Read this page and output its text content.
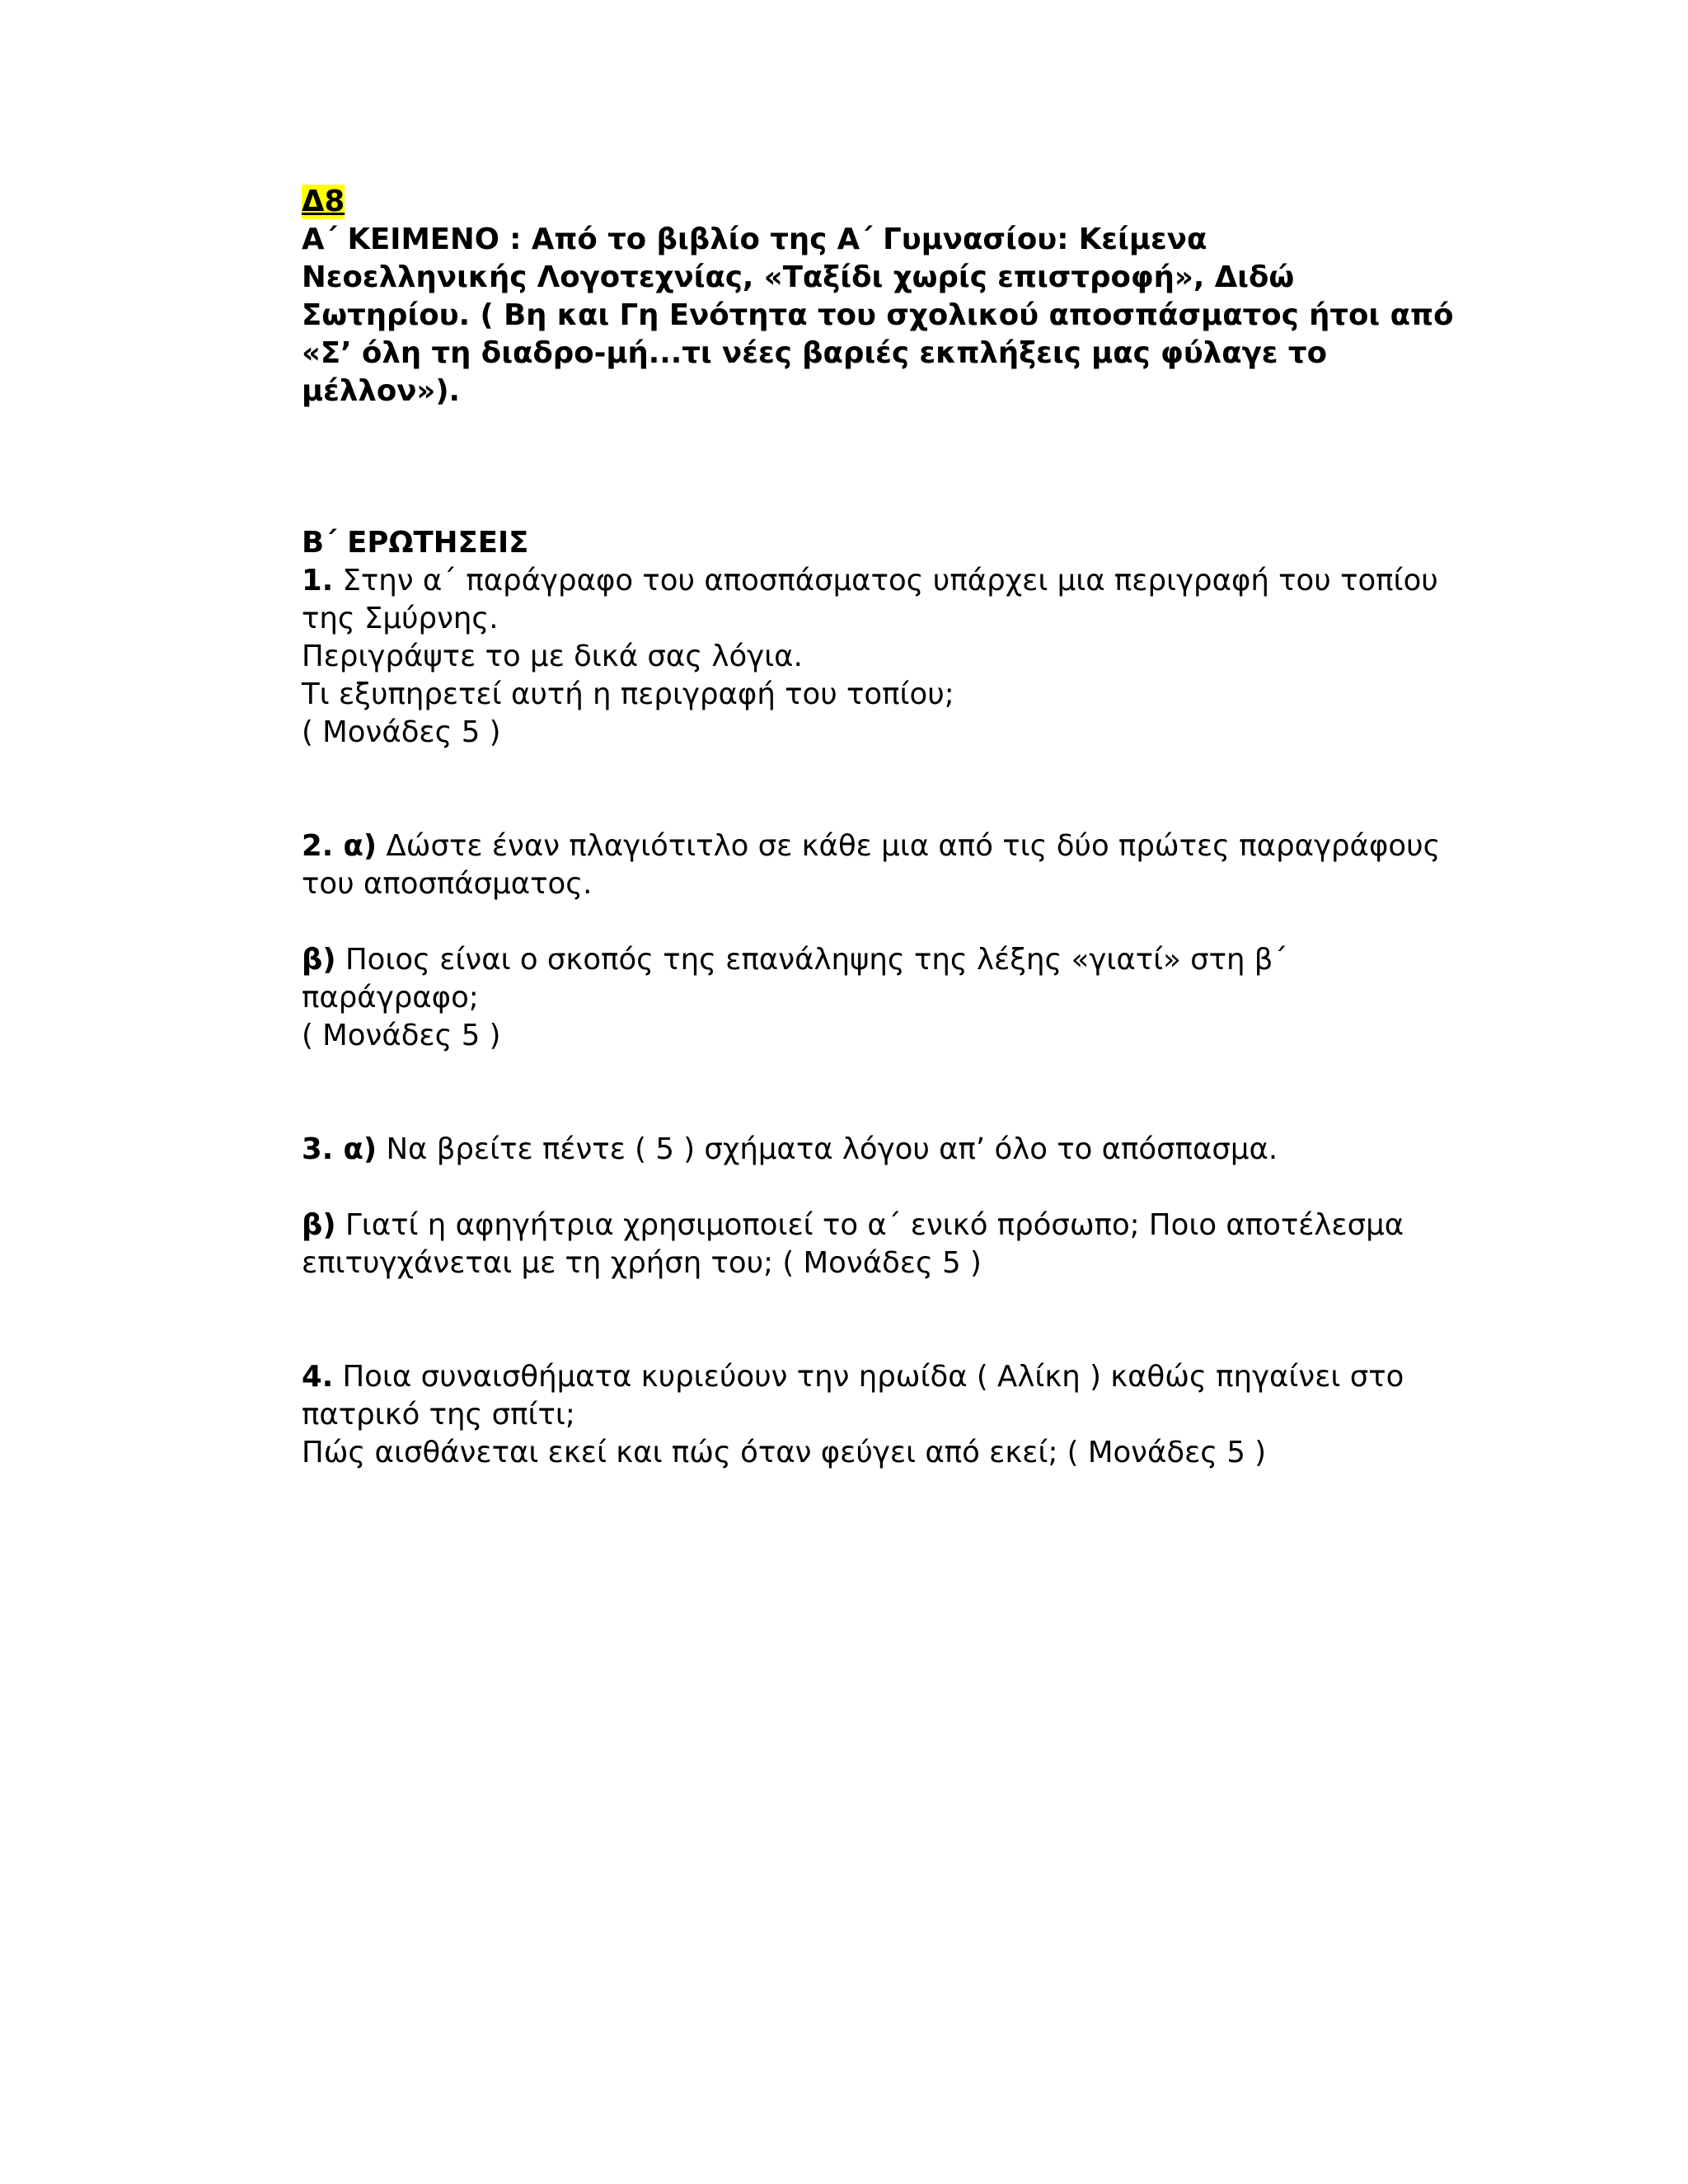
Δ8
Α΄ ΚΕΙΜΕΝΟ : Από το βιβλίο της Α΄ Γυμνασίου: Κείμενα
Νεοελληνικής Λογοτεχνίας, «Ταξίδι χωρίς επιστροφή», Διδώ
Σωτηρίου. ( Βη και Γη Ενότητα του σχολικού αποσπάσματος ήτοι από
«Σ’ όλη τη διαδρο-μή...τι νέες βαριές εκπλήξεις μας φύλαγε το
μέλλον»).
Β΄ ΕΡΩΤΗΣΕΙΣ
1. Στην α΄ παράγραφο του αποσπάσματος υπάρχει μια περιγραφή του τοπίου
της Σμύρνης.
Περιγράψτε το με δικά σας λόγια.
Τι εξυπηρετεί αυτή η περιγραφή του τοπίου;
( Μονάδες 5 )
2. α) Δώστε έναν πλαγιότιτλο σε κάθε μια από τις δύο πρώτες παραγράφους
του αποσπάσματος.
β) Ποιος είναι ο σκοπός της επανάληψης της λέξης «γιατί» στη β΄
παράγραφο;
( Μονάδες 5 )
3. α) Να βρείτε πέντε ( 5 ) σχήματα λόγου απ’ όλο το απόσπασμα.
β) Γιατί η αφηγήτρια χρησιμοποιεί το α΄ ενικό πρόσωπο; Ποιο αποτέλεσμα
επιτυγχάνεται με τη χρήση του; ( Μονάδες 5 )
4. Ποια συναισθήματα κυριεύουν την ηρωίδα ( Αλίκη ) καθώς πηγαίνει στο
πατρικό της σπίτι;
Πώς αισθάνεται εκεί και πώς όταν φεύγει από εκεί; ( Μονάδες 5 )
